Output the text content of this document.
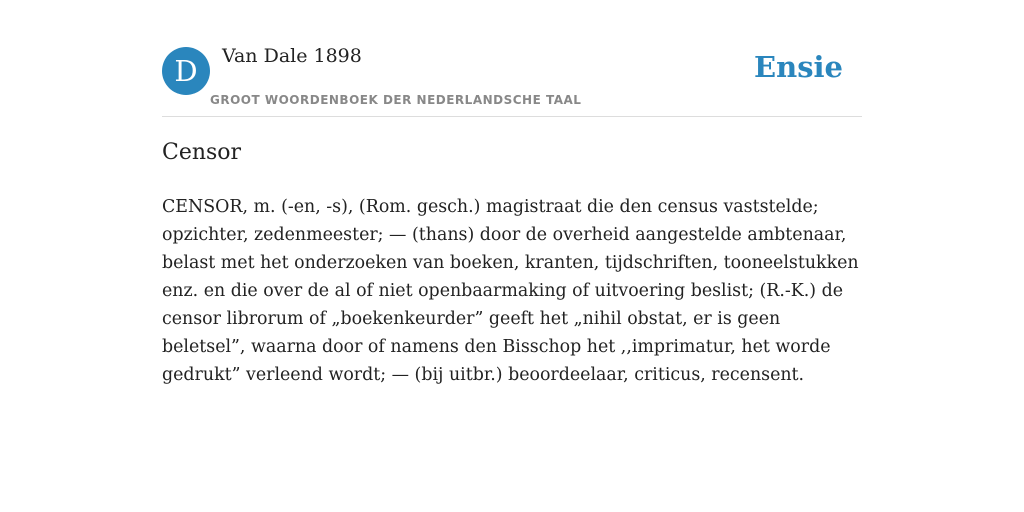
D	Van Dale 1898
GROOT WOORDENBOEK DER NEDERLANDSCHE TAAL
Ensie
Censor

CENSOR, m. (-en, -s), (Rom. gesch.) magistraat die den census vaststelde; opzichter, zedenmeester; — (thans) door de overheid aangestelde ambtenaar, belast met het onderzoeken van boeken, kranten, tijdschriften, tooneelstukken enz. en die over de al of niet openbaarmaking of uitvoering beslist; (R.-K.) de censor librorum of „boekenkeurder” geeft het „nihil obstat, er is geen beletsel”, waarna door of namens den Bisschop het ,,imprimatur, het worde gedrukt” verleend wordt; — (bij uitbr.) beoordeelaar, criticus, recensent.
